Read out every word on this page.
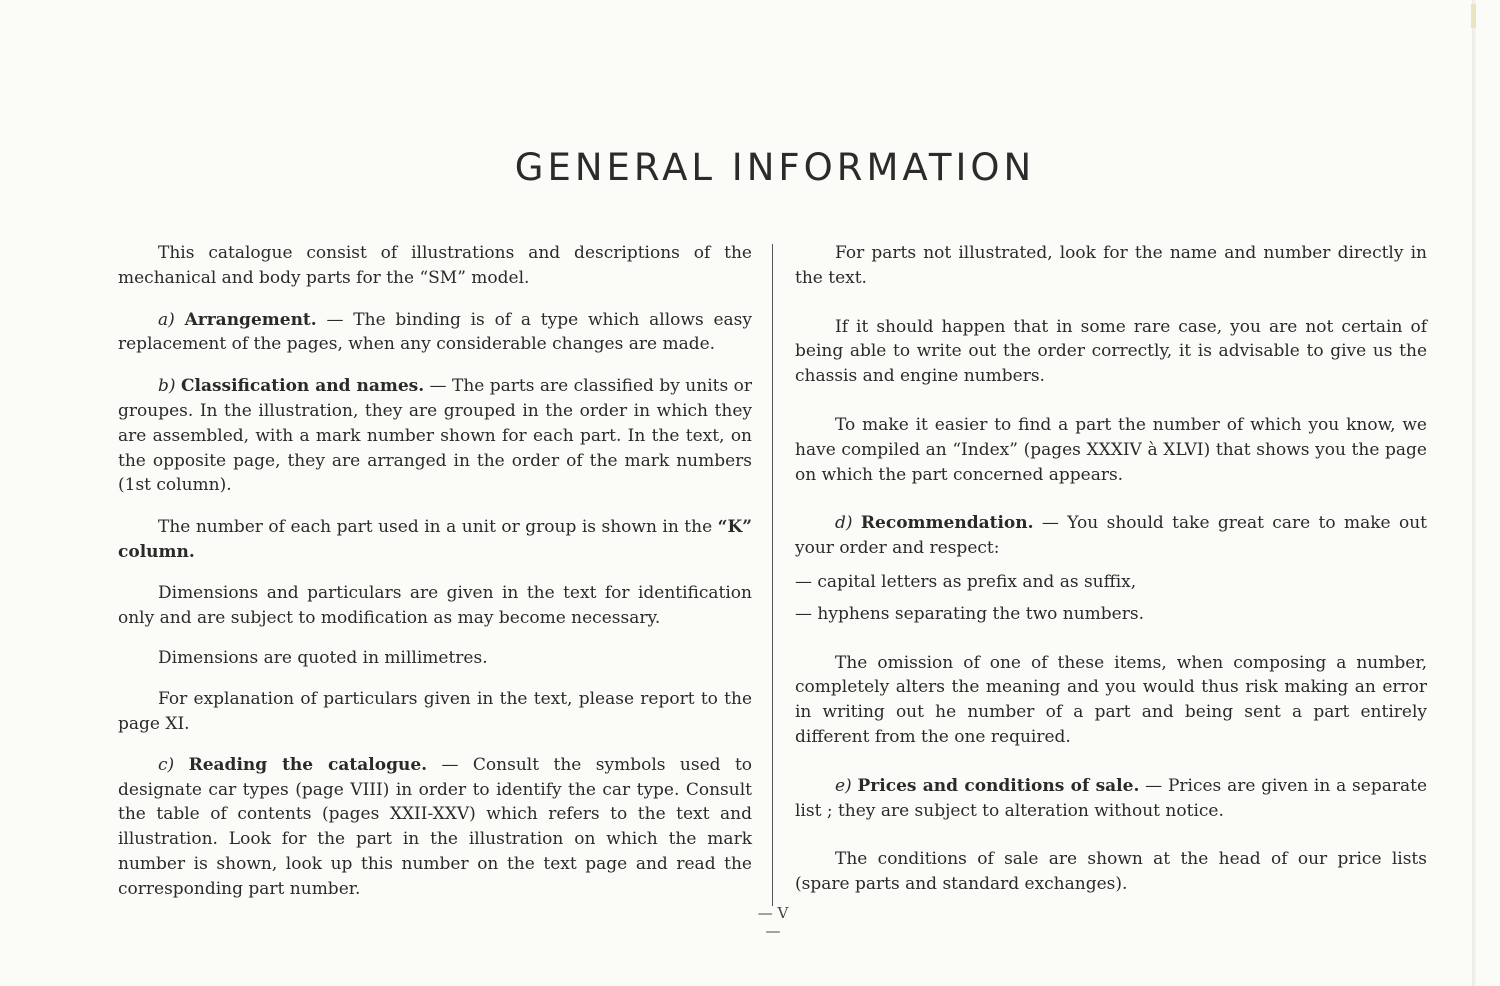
GENERAL INFORMATION

This catalogue consist of illustrations and descriptions of the mechanical and body parts for the “SM” model.

a) Arrangement. — The binding is of a type which allows easy replacement of the pages, when any considerable changes are made.

b) Classification and names. — The parts are classified by units or groupes. In the illustration, they are grouped in the order in which they are assembled, with a mark number shown for each part. In the text, on the opposite page, they are arranged in the order of the mark numbers (1st column).

The number of each part used in a unit or group is shown in the “K” column.

Dimensions and particulars are given in the text for identification only and are subject to modification as may become necessary.

Dimensions are quoted in millimetres.

For explanation of particulars given in the text, please report to the page XI.

c) Reading the catalogue. — Consult the symbols used to designate car types (page VIII) in order to identify the car type. Consult the table of contents (pages XXII-XXV) which refers to the text and illustration. Look for the part in the illustration on which the mark number is shown, look up this number on the text page and read the corresponding part number.

For parts not illustrated, look for the name and number directly in the text.

If it should happen that in some rare case, you are not certain of being able to write out the order correctly, it is advisable to give us the chassis and engine numbers.

To make it easier to find a part the number of which you know, we have compiled an “Index” (pages XXXIV à XLVI) that shows you the page on which the part concerned appears.

d) Recommendation. — You should take great care to make out your order and respect:

— capital letters as prefix and as suffix,

— hyphens separating the two numbers.

The omission of one of these items, when composing a number, completely alters the meaning and you would thus risk making an error in writing out he number of a part and being sent a part entirely different from the one required.

e) Prices and conditions of sale. — Prices are given in a separate list ; they are subject to alteration without notice.

The conditions of sale are shown at the head of our price lists (spare parts and standard exchanges).

— V —
